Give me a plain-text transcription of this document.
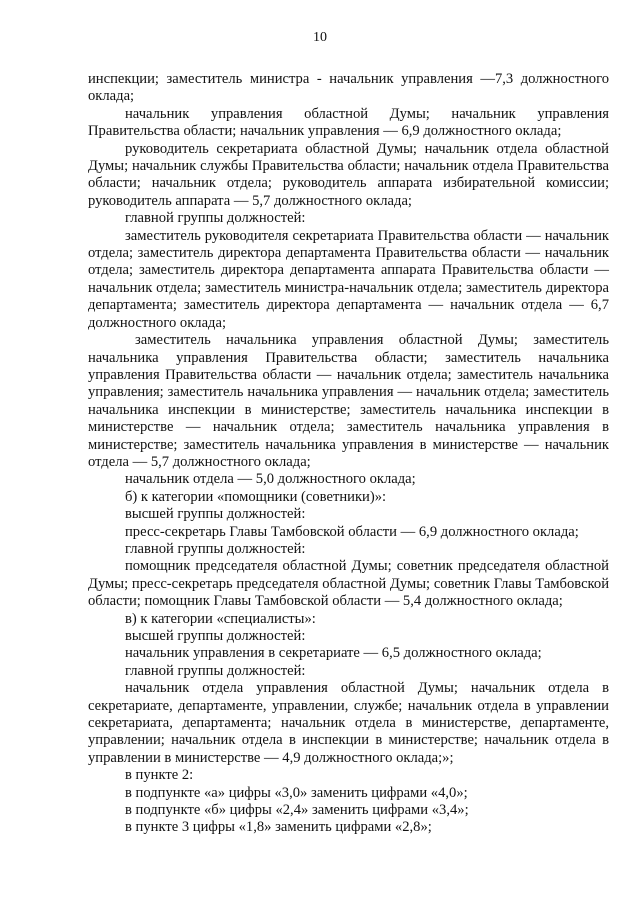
10

инспекции; заместитель министра - начальник управления —7,3 должностного оклада;

начальник управления областной Думы; начальник управления Правительства области; начальник управления — 6,9 должностного оклада;

руководитель секретариата областной Думы; начальник отдела областной Думы; начальник службы Правительства области; начальник отдела Правительства области; начальник отдела; руководитель аппарата избирательной комиссии; руководитель аппарата — 5,7 должностного оклада;

главной группы должностей:

заместитель руководителя секретариата Правительства области — начальник отдела; заместитель директора департамента Правительства области — начальник отдела; заместитель директора департамента аппарата Правительства области — начальник отдела; заместитель министра-начальник отдела; заместитель директора департамента; заместитель директора департамента — начальник отдела — 6,7 должностного оклада;

заместитель начальника управления областной Думы; заместитель начальника управления Правительства области; заместитель начальника управления Правительства области — начальник отдела; заместитель начальника управления; заместитель начальника управления — начальник отдела; заместитель начальника инспекции в министерстве; заместитель начальника инспекции в министерстве — начальник отдела; заместитель начальника управления в министерстве; заместитель начальника управления в министерстве — начальник отдела — 5,7 должностного оклада;

начальник отдела — 5,0 должностного оклада;

б) к категории «помощники (советники)»:

высшей группы должностей:

пресс-секретарь Главы Тамбовской области — 6,9 должностного оклада;

главной группы должностей:

помощник председателя областной Думы; советник председателя областной Думы; пресс-секретарь председателя областной Думы; советник Главы Тамбовской области; помощник Главы Тамбовской области — 5,4 должностного оклада;

в) к категории «специалисты»:

высшей группы должностей:

начальник управления в секретариате — 6,5 должностного оклада;

главной группы должностей:

начальник отдела управления областной Думы; начальник отдела в секретариате, департаменте, управлении, службе; начальник отдела в управлении секретариата, департамента; начальник отдела в министерстве, департаменте, управлении; начальник отдела в инспекции в министерстве; начальник отдела в управлении в министерстве — 4,9 должностного оклада;»;

в пункте 2:

в подпункте «а» цифры «3,0» заменить цифрами «4,0»;

в подпункте «б» цифры «2,4» заменить цифрами «3,4»;

в пункте 3 цифры «1,8» заменить цифрами «2,8»;
